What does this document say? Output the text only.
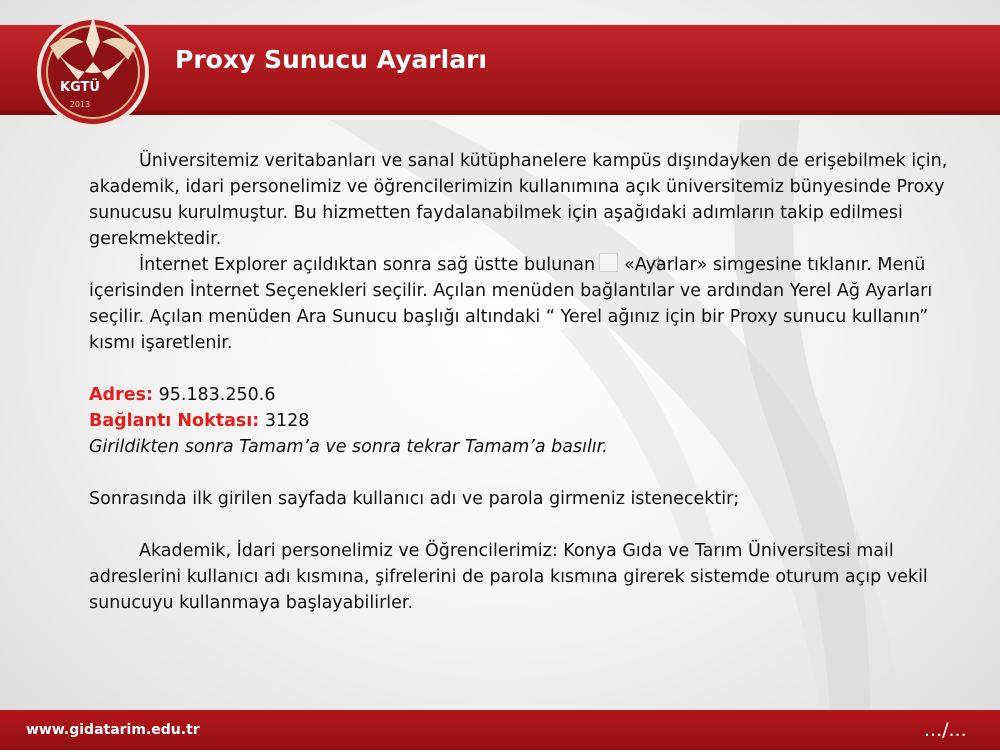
Proxy Sunucu Ayarları
KGTÜ
2013

Üniversitemiz veritabanları ve sanal kütüphanelere kampüs dışındayken de erişebilmek için, akademik, idari personelimiz ve öğrencilerimizin kullanımına açık üniversitemiz bünyesinde Proxy sunucusu kurulmuştur. Bu hizmetten faydalanabilmek için aşağıdaki adımların takip edilmesi gerekmektedir.

İnternet Explorer açıldıktan sonra sağ üstte bulunan «Ayarlar» simgesine tıklanır. Menü içerisinden İnternet Seçenekleri seçilir. Açılan menüden bağlantılar ve ardından Yerel Ağ Ayarları seçilir. Açılan menüden Ara Sunucu başlığı altındaki “ Yerel ağınız için bir Proxy sunucu kullanın” kısmı işaretlenir.

Adres: 95.183.250.6

Bağlantı Noktası: 3128

Girildikten sonra Tamam’a ve sonra tekrar Tamam’a basılır.

Sonrasında ilk girilen sayfada kullanıcı adı ve parola girmeniz istenecektir;

Akademik, İdari personelimiz ve Öğrencilerimiz: Konya Gıda ve Tarım Üniversitesi mail adreslerini kullanıcı adı kısmına, şifrelerini de parola kısmına girerek sistemde oturum açıp vekil sunucuyu kullanmaya başlayabilirler.

www.gidatarim.edu.tr	.../...
